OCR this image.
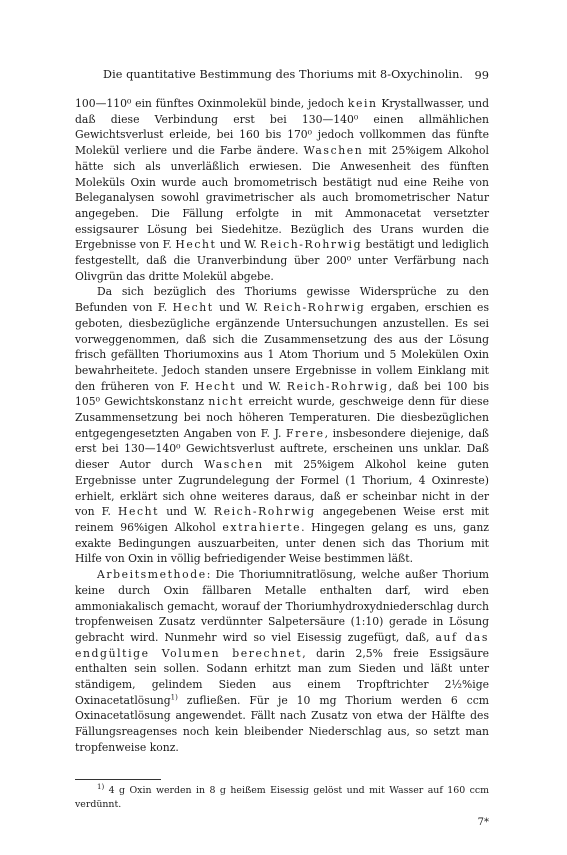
Die quantitative Bestimmung des Thoriums mit 8-Oxychinolin. 99

100—110⁰ ein fünftes Oxinmolekül binde, jedoch kein Krystallwasser, und daß diese Verbindung erst bei 130—140⁰ einen allmählichen Gewichtsverlust erleide, bei 160 bis 170⁰ jedoch vollkommen das fünfte Molekül verliere und die Farbe ändere. Waschen mit 25%igem Alkohol hätte sich als unverläßlich erwiesen. Die Anwesenheit des fünften Moleküls Oxin wurde auch bromometrisch bestätigt nud eine Reihe von Beleganalysen sowohl gravimetrischer als auch bromometrischer Natur angegeben. Die Fällung erfolgte in mit Ammonacetat versetzter essigsaurer Lösung bei Siedehitze. Bezüglich des Urans wurden die Ergebnisse von F. Hecht und W. Reich-Rohrwig bestätigt und lediglich festgestellt, daß die Uranverbindung über 200⁰ unter Verfärbung nach Olivgrün das dritte Molekül abgebe.

Da sich bezüglich des Thoriums gewisse Widersprüche zu den Befunden von F. Hecht und W. Reich-Rohrwig ergaben, erschien es geboten, diesbezügliche ergänzende Untersuchungen anzustellen. Es sei vorweggenommen, daß sich die Zusammensetzung des aus der Lösung frisch gefällten Thoriumoxins aus 1 Atom Thorium und 5 Molekülen Oxin bewahrheitete. Jedoch standen unsere Ergebnisse in vollem Einklang mit den früheren von F. Hecht und W. Reich-Rohrwig, daß bei 100 bis 105⁰ Gewichtskonstanz nicht erreicht wurde, geschweige denn für diese Zusammensetzung bei noch höheren Temperaturen. Die diesbezüglichen entgegengesetzten Angaben von F. J. Frere, insbesondere diejenige, daß erst bei 130—140⁰ Gewichtsverlust auftrete, erscheinen uns unklar. Daß dieser Autor durch Waschen mit 25%igem Alkohol keine guten Ergebnisse unter Zugrundelegung der Formel (1 Thorium, 4 Oxinreste) erhielt, erklärt sich ohne weiteres daraus, daß er scheinbar nicht in der von F. Hecht und W. Reich-Rohrwig angegebenen Weise erst mit reinem 96%igen Alkohol extrahierte. Hingegen gelang es uns, ganz exakte Bedingungen auszuarbeiten, unter denen sich das Thorium mit Hilfe von Oxin in völlig befriedigender Weise bestimmen läßt.

Arbeitsmethode: Die Thoriumnitratlösung, welche außer Thorium keine durch Oxin fällbaren Metalle enthalten darf, wird eben ammoniakalisch gemacht, worauf der Thoriumhydroxydniederschlag durch tropfenweisen Zusatz verdünnter Salpetersäure (1:10) gerade in Lösung gebracht wird. Nunmehr wird so viel Eisessig zugefügt, daß, auf das endgültige Volumen berechnet, darin 2,5% freie Essigsäure enthalten sein sollen. Sodann erhitzt man zum Sieden und läßt unter ständigem, gelindem Sieden aus einem Tropftrichter 2½%ige Oxinacetatlösung$^{1)}$ zufließen. Für je 10 mg Thorium werden 6 ccm Oxinacetatlösung angewendet. Fällt nach Zusatz von etwa der Hälfte des Fällungsreagenses noch kein bleibender Niederschlag aus, so setzt man tropfenweise konz.

$^{1)}$ 4 g Oxin werden in 8 g heißem Eisessig gelöst und mit Wasser auf 160 ccm verdünnt.

7*
